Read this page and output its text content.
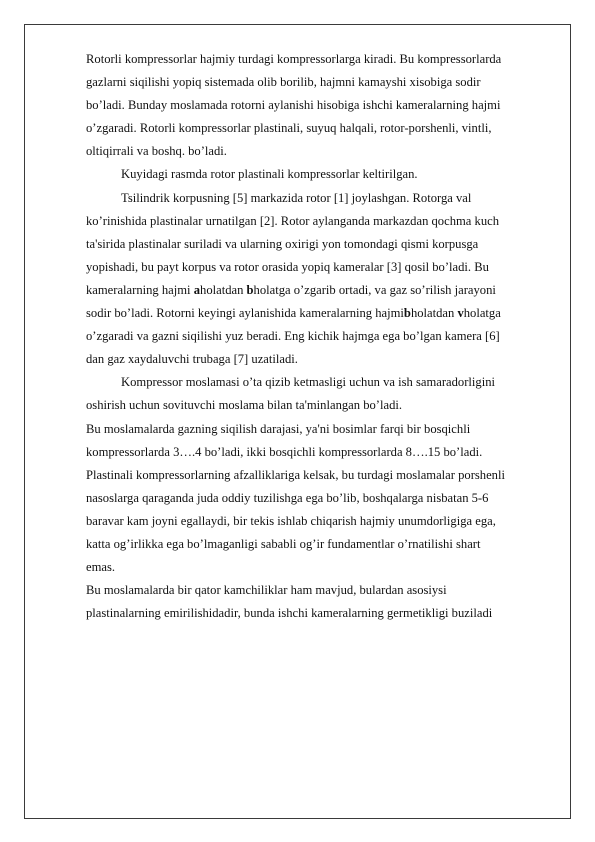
Rotorli kompressorlar hajmiy turdagi kompressorlarga kiradi. Bu kompressorlarda
gazlarni siqilishi yopiq sistemada olib borilib, hajmni kamayshi xisobiga sodir
bo’ladi. Bunday moslamada rotorni aylanishi hisobiga ishchi kameralarning hajmi
o’zgaradi. Rotorli kompressorlar plastinali, suyuq halqali, rotor-porshenli, vintli,
oltiqirrali va boshq. bo’ladi.
Kuyidagi rasmda rotor plastinali kompressorlar keltirilgan.
Tsilindrik korpusning [5] markazida rotor [1] joylashgan. Rotorga val
ko’rinishida plastinalar urnatilgan [2]. Rotor aylanganda markazdan qochma kuch
ta'sirida plastinalar suriladi va ularning oxirigi yon tomondagi qismi korpusga
yopishadi, bu payt korpus va rotor orasida yopiq kameralar [3] qosil bo’ladi. Bu
kameralarning hajmi aholatdan bholatga o’zgarib ortadi, va gaz so’rilish jarayoni
sodir bo’ladi. Rotorni keyingi aylanishida kameralarning hajmibholatdan vholatga
o’zgaradi va gazni siqilishi yuz beradi. Eng kichik hajmga ega bo’lgan kamera [6]
dan gaz xaydaluvchi trubaga [7] uzatiladi.
Kompressor moslamasi o’ta qizib ketmasligi uchun va ish samaradorligini
oshirish uchun sovituvchi moslama bilan ta'minlangan bo’ladi.
Bu moslamalarda gazning siqilish darajasi, ya'ni bosimlar farqi bir bosqichli
kompressorlarda 3….4 bo’ladi, ikki bosqichli kompressorlarda 8….15 bo’ladi.
Plastinali kompressorlarning afzalliklariga kelsak, bu turdagi moslamalar porshenli
nasoslarga qaraganda juda oddiy tuzilishga ega bo’lib, boshqalarga nisbatan 5-6
baravar kam joyni egallaydi, bir tekis ishlab chiqarish hajmiy unumdorligiga ega,
katta og’irlikka ega bo’lmaganligi sababli og’ir fundamentlar o’rnatilishi shart
emas.
Bu moslamalarda bir qator kamchiliklar ham mavjud, bulardan asosiysi
plastinalarning emirilishidadir, bunda ishchi kameralarning germetikligi buziladi
